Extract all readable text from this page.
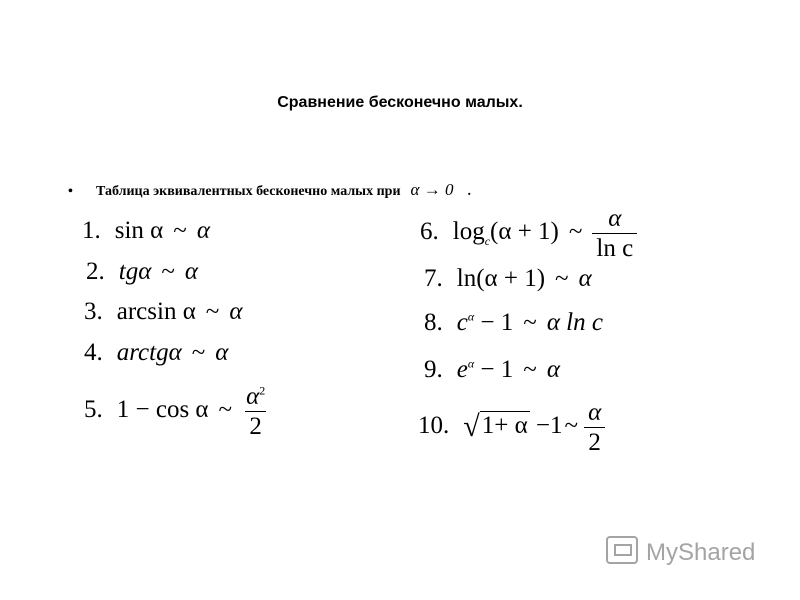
Сравнение бесконечно малых.
• Таблица эквивалентных бесконечно малых при α → 0 .
1. sin α ~ α
2. tgα ~ α
3. arcsin α ~ α
4. arctgα ~ α
5. 1 − cos α ~ $\frac{\alpha^2}{2}$
6. $\log_c(\alpha + 1)$ ~ $\frac{\alpha}{\text{ln c}}$
7. ln(α + 1) ~ α
8. $c^\alpha - 1$ ~ α ln c
9. $e^\alpha - 1$ ~ α
10. √1+ α −1~ $\frac{\alpha}{2}$
MyShared
